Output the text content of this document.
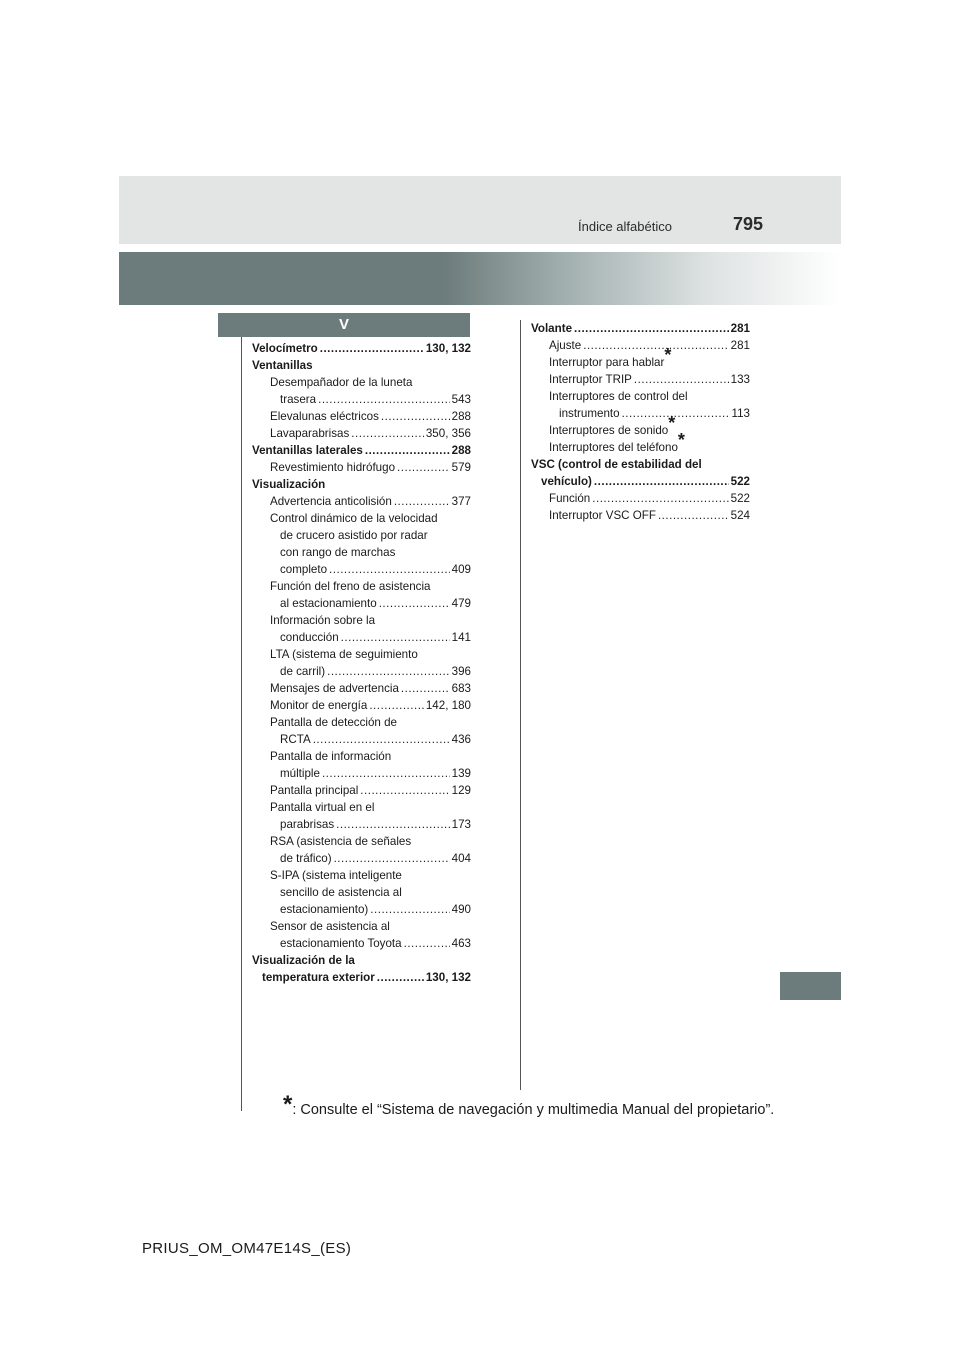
795
Índice alfabético
V
Velocímetro .....	130, 132
Ventanillas
Desempañador de la luneta
trasera .....	543
Elevalunas eléctricos .....	288
Lavaparabrisas .....	350, 356
Ventanillas laterales .....	288
Revestimiento hidrófugo .....	579
Visualización
Advertencia anticolisión .....	377
Control dinámico de la velocidad
de crucero asistido por radar
con rango de marchas
completo .....	409
Función del freno de asistencia
al estacionamiento .....	479
Información sobre la
conducción .....	141
LTA (sistema de seguimiento
de carril) .....	396
Mensajes de advertencia .....	683
Monitor de energía .....	142, 180
Pantalla de detección de
RCTA .....	436
Pantalla de información
múltiple .....	139
Pantalla principal .....	129
Pantalla virtual en el
parabrisas .....	173
RSA (asistencia de señales
de tráfico) .....	404
S-IPA (sistema inteligente
sencillo de asistencia al
estacionamiento) .....	490
Sensor de asistencia al
estacionamiento Toyota .....	463
Visualización de la
temperatura exterior .....	130, 132
Volante .....	281
Ajuste .....	281
Interruptor para hablar*
Interruptor TRIP .....	133
Interruptores de control del
instrumento .....	113
Interruptores de sonido*
Interruptores del teléfono*
VSC (control de estabilidad del
vehículo) .....	522
Función .....	522
Interruptor VSC OFF .....	524
*: Consulte el “Sistema de navegación y multimedia Manual del propietario”.
PRIUS_OM_OM47E14S_(ES)
